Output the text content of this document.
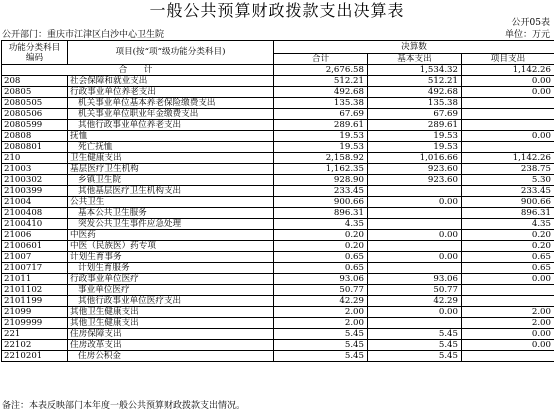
一般公共预算财政拨款支出决算表
公开05表
公开部门：重庆市江津区白沙中心卫生院	单位：万元
功能分类科目
编码	项目(按“项”级功能分类科目)	决算数		
		合计	基本支出	项目支出
合　计		2,676.58	1,534.32	1,142.26
208	社会保障和就业支出	512.21	512.21	0.00
20805	行政事业单位养老支出	492.68	492.68	0.00
2080505	机关事业单位基本养老保险缴费支出	135.38	135.38	
2080506	机关事业单位职业年金缴费支出	67.69	67.69	
2080599	其他行政事业单位养老支出	289.61	289.61	
20808	抚恤	19.53	19.53	0.00
2080801	死亡抚恤	19.53	19.53	
210	卫生健康支出	2,158.92	1,016.66	1,142.26
21003	基层医疗卫生机构	1,162.35	923.60	238.75
2100302	乡镇卫生院	928.90	923.60	5.30
2100399	其他基层医疗卫生机构支出	233.45		233.45
21004	公共卫生	900.66	0.00	900.66
2100408	基本公共卫生服务	896.31		896.31
2100410	突发公共卫生事件应急处理	4.35		4.35
21006	中医药	0.20	0.00	0.20
2100601	中医（民族医）药专项	0.20		0.20
21007	计划生育事务	0.65	0.00	0.65
2100717	计划生育服务	0.65		0.65
21011	行政事业单位医疗	93.06	93.06	0.00
2101102	事业单位医疗	50.77	50.77	
2101199	其他行政事业单位医疗支出	42.29	42.29	
21099	其他卫生健康支出	2.00	0.00	2.00
2109999	其他卫生健康支出	2.00		2.00
221	住房保障支出	5.45	5.45	0.00
22102	住房改革支出	5.45	5.45	0.00
2210201	住房公积金	5.45	5.45	
备注：本表反映部门本年度一般公共预算财政拨款支出情况。
